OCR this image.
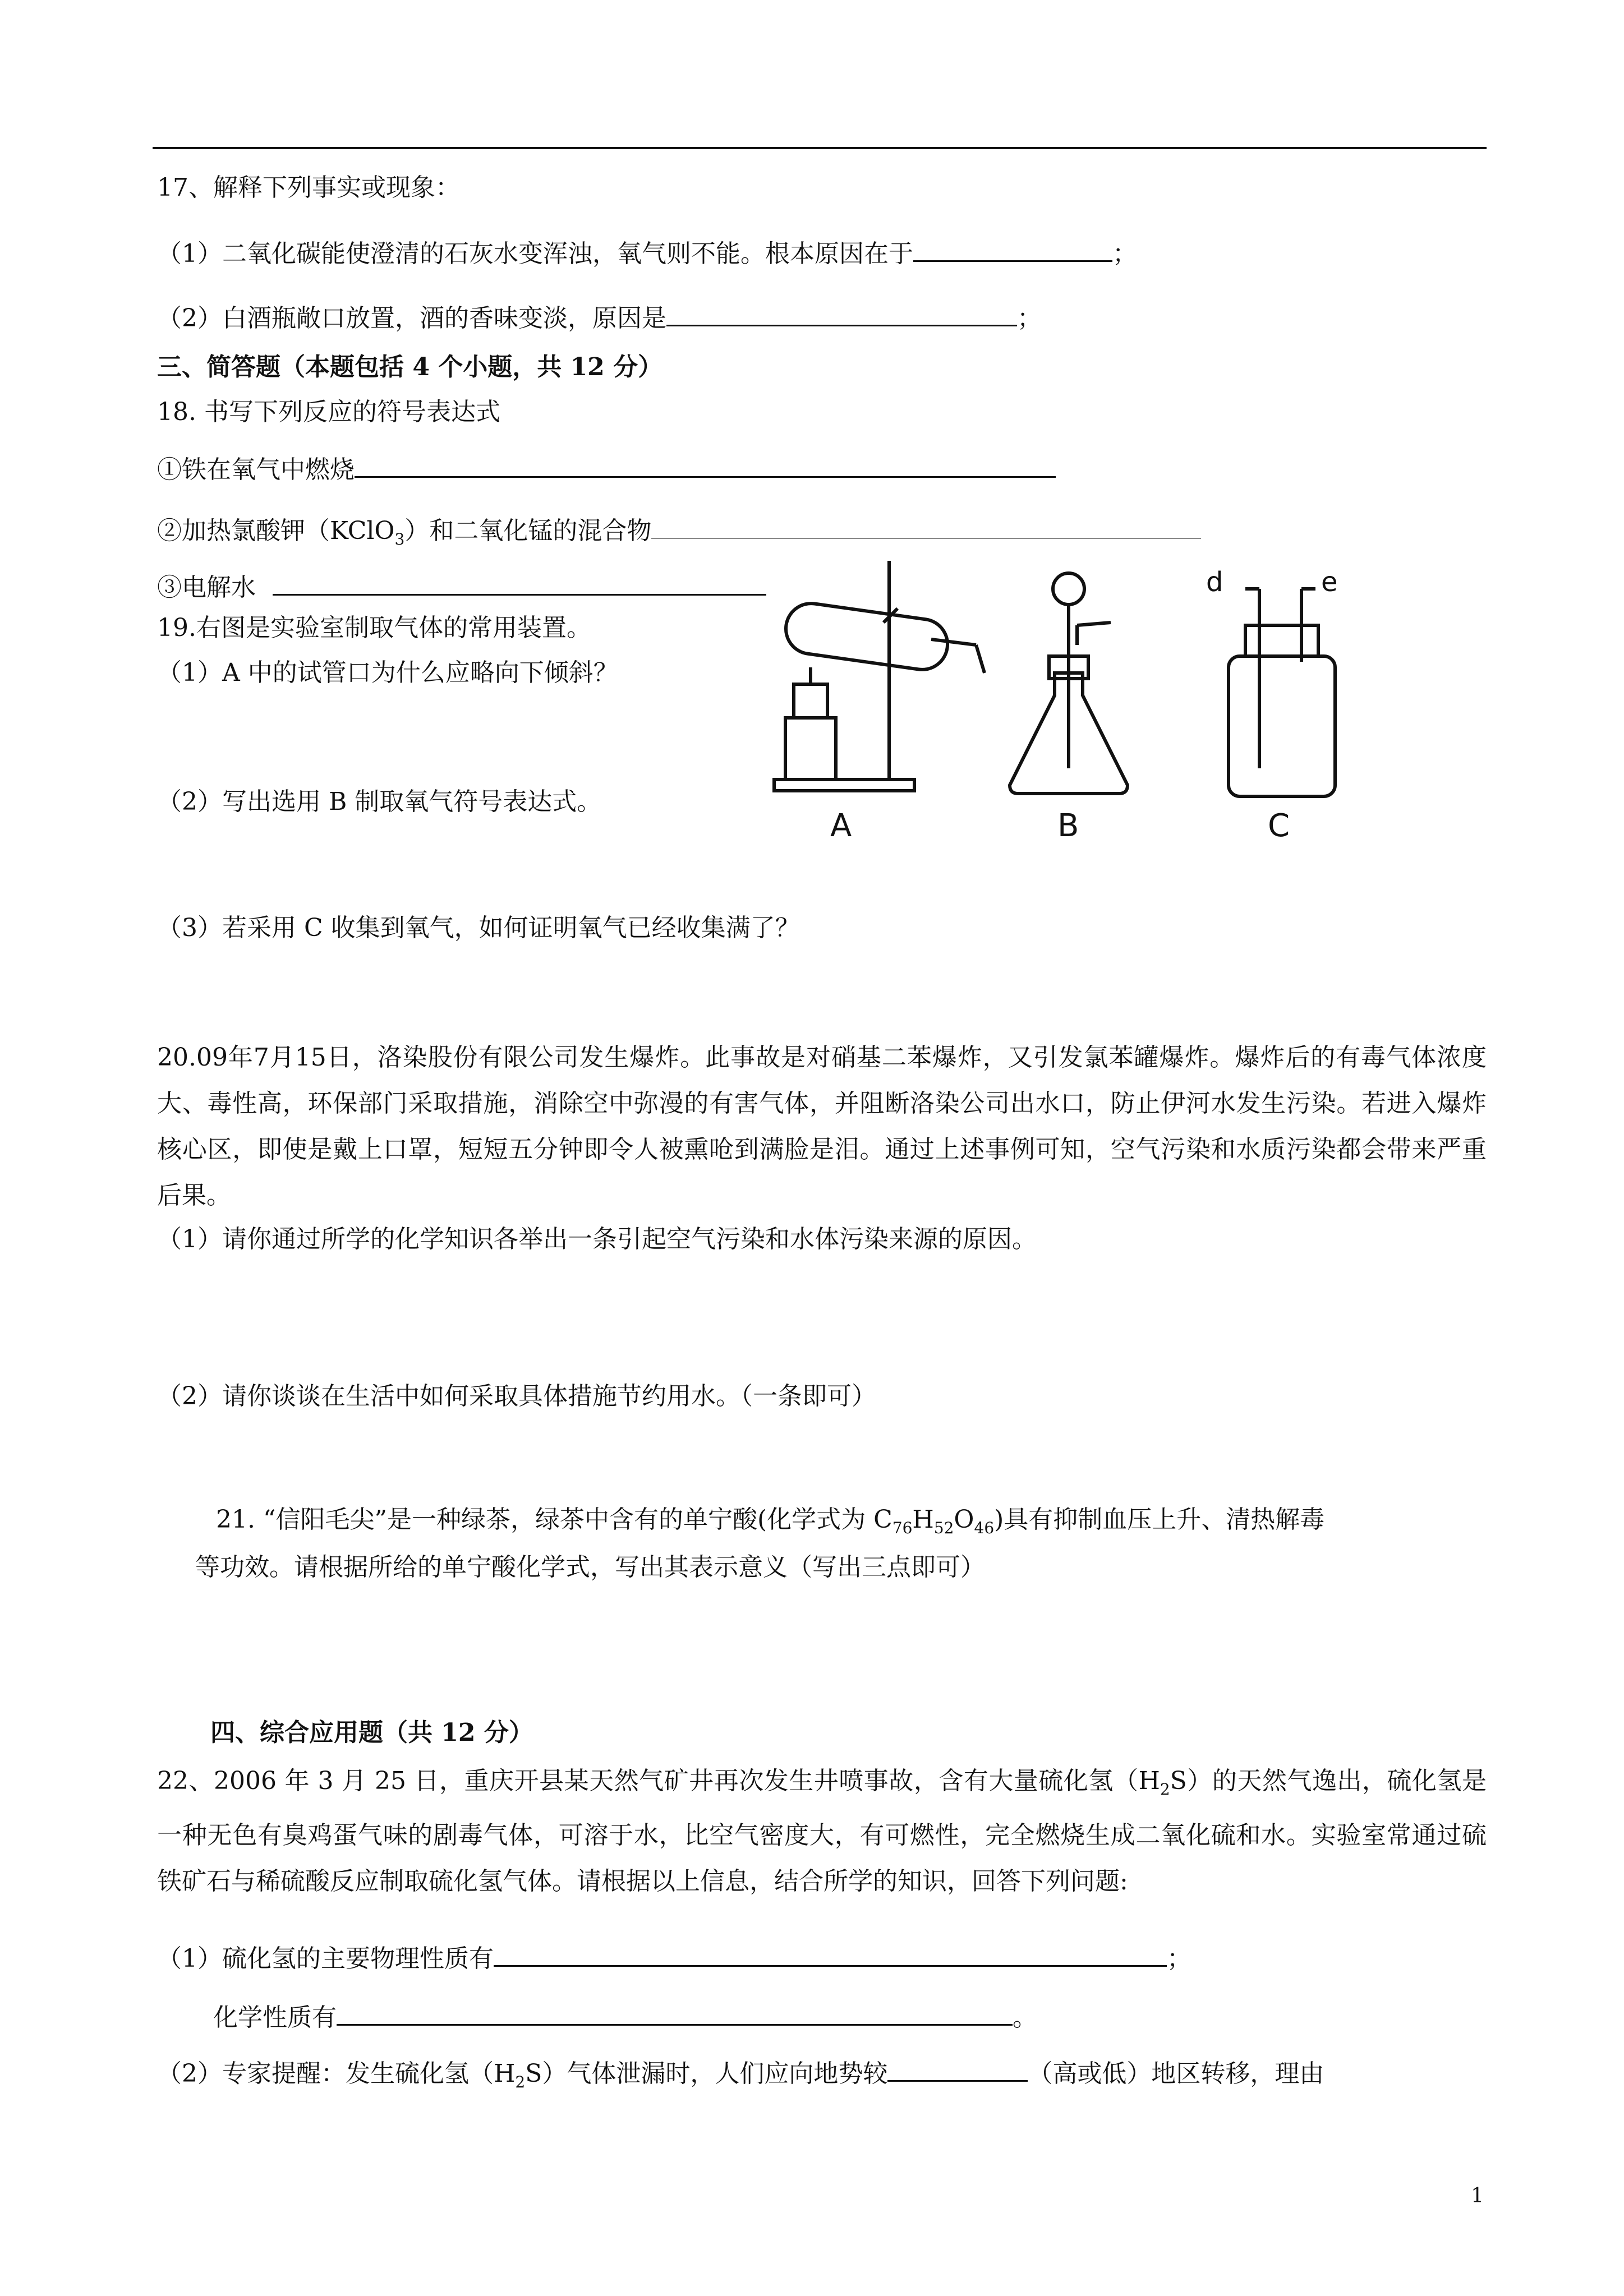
17、解释下列事实或现象：
（1）二氧化碳能使澄清的石灰水变浑浊，氧气则不能。根本原因在于	；
（2）白酒瓶敞口放置，酒的香味变淡，原因是	；
三、简答题（本题包括 4 个小题，共 12 分）
18. 书写下列反应的符号表达式
①铁在氧气中燃烧
②加热氯酸钾（KClO$_3$）和二氧化锰的混合物
③电解水
19.右图是实验室制取气体的常用装置。
（1）A 中的试管口为什么应略向下倾斜？
（2）写出选用 B 制取氧气符号表达式。
（3）若采用 C 收集到氧气，如何证明氧气已经收集满了？
A	B	C
d	e
20.09年7月15日，洛染股份有限公司发生爆炸。此事故是对硝基二苯爆炸，又引发氯苯罐爆炸。爆炸后的有毒气体浓度大、毒性高，环保部门采取措施，消除空中弥漫的有害气体，并阻断洛染公司出水口，防止伊河水发生污染。若进入爆炸核心区，即使是戴上口罩，短短五分钟即令人被熏呛到满脸是泪。通过上述事例可知，空气污染和水质污染都会带来严重后果。
（1）请你通过所学的化学知识各举出一条引起空气污染和水体污染来源的原因。
（2）请你谈谈在生活中如何采取具体措施节约用水。（一条即可）
21. “信阳毛尖”是一种绿茶，绿茶中含有的单宁酸(化学式为 $C_{76}H_{52}O_{46}$)具有抑制血压上升、清热解毒
等功效。请根据所给的单宁酸化学式，写出其表示意义（写出三点即可）
四、综合应用题（共 12 分）
22、2006 年 3 月 25 日，重庆开县某天然气矿井再次发生井喷事故，含有大量硫化氢$(H_2S)$的天然气逸出，硫化氢是一种无色有臭鸡蛋气味的剧毒气体，可溶于水，比空气密度大，有可燃性，完全燃烧生成二氧化硫和水。实验室常通过硫铁矿石与稀硫酸反应制取硫化氢气体。请根据以上信息，结合所学的知识，回答下列问题:
（1）硫化氢的主要物理性质有	；
化学性质有	。
（2）专家提醒：发生硫化氢$(H_2S)$气体泄漏时，人们应向地势较	（高或低）地区转移，理由
1
